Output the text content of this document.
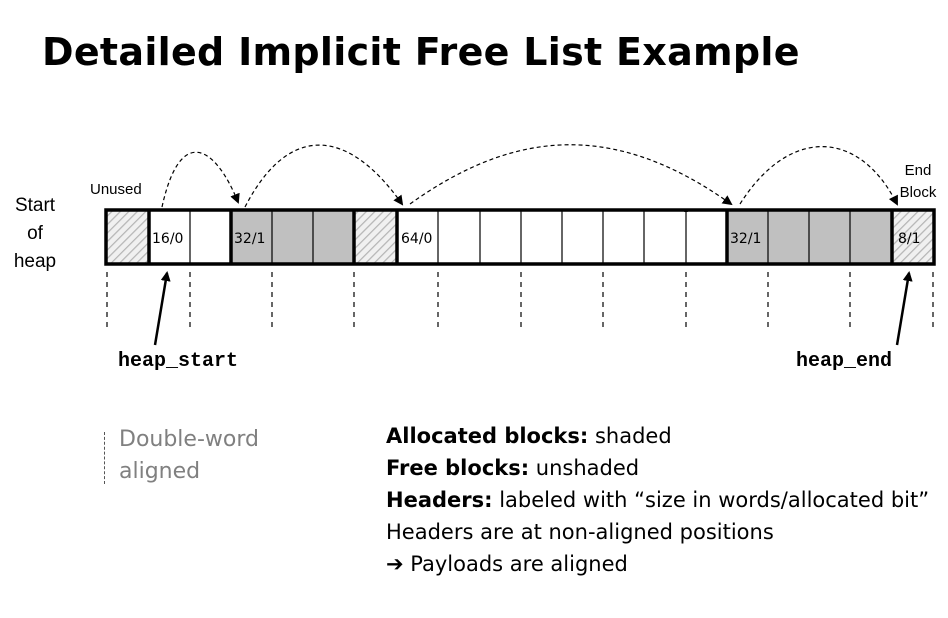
Detailed Implicit Free List Example
Start
of
heap
Unused
End
Block
16/0	32/1	64/0	32/1	8/1
heap_start	heap_end
Double-word
aligned
Allocated blocks: shaded
Free blocks: unshaded
Headers: labeled with “size in words/allocated bit”
Headers are at non-aligned positions
➔ Payloads are aligned
